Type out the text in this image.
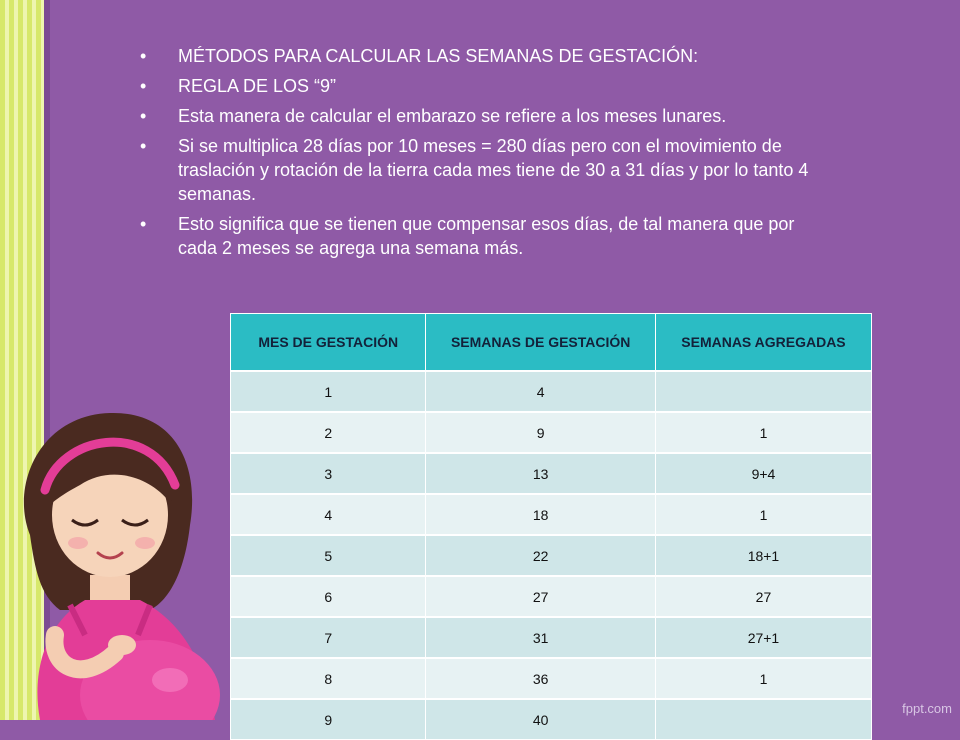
• MÉTODOS PARA CALCULAR LAS SEMANAS DE GESTACIÓN:
• REGLA DE LOS “9”
• Esta manera de calcular el embarazo se refiere a los meses lunares.
• Si se multiplica 28 días por 10 meses = 280 días pero con el movimiento de traslación y rotación de la tierra cada mes tiene de 30 a 31 días y por lo tanto 4 semanas.
• Esto significa que se tienen que compensar esos días, de tal manera que por cada 2 meses se agrega una semana más.
MES DE GESTACIÓN	SEMANAS DE GESTACIÓN	SEMANAS AGREGADAS
1	4	
2	9	1
3	13	9+4
4	18	1
5	22	18+1
6	27	27
7	31	27+1
8	36	1
9	40	
fppt.com
